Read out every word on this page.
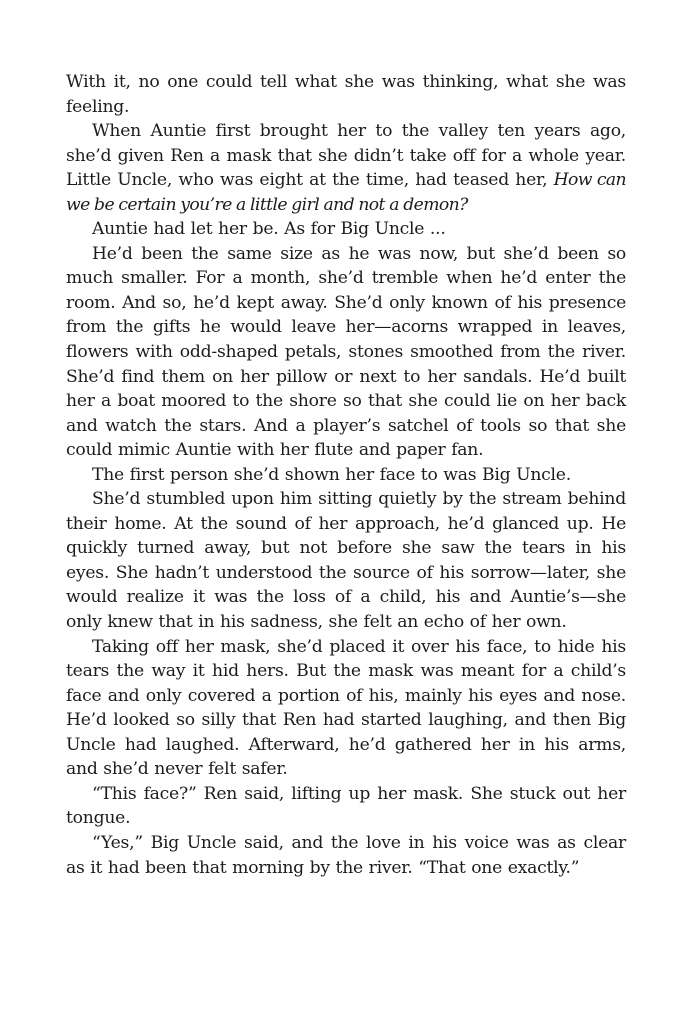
With it, no one could tell what she was thinking, what she was feeling.

When Auntie first brought her to the valley ten years ago, she’d given Ren a mask that she didn’t take off for a whole year. Little Uncle, who was eight at the time, had teased her, How can we be certain you’re a little girl and not a demon?

Auntie had let her be. As for Big Uncle ...

He’d been the same size as he was now, but she’d been so much smaller. For a month, she’d tremble when he’d enter the room. And so, he’d kept away. She’d only known of his presence from the gifts he would leave her—acorns wrapped in leaves, flowers with odd-shaped petals, stones smoothed from the river. She’d find them on her pillow or next to her sandals. He’d built her a boat moored to the shore so that she could lie on her back and watch the stars. And a player’s satchel of tools so that she could mimic Auntie with her flute and paper fan.

The first person she’d shown her face to was Big Uncle.

She’d stumbled upon him sitting quietly by the stream behind their home. At the sound of her approach, he’d glanced up. He quickly turned away, but not before she saw the tears in his eyes. She hadn’t understood the source of his sorrow—later, she would realize it was the loss of a child, his and Auntie’s—she only knew that in his sadness, she felt an echo of her own.

Taking off her mask, she’d placed it over his face, to hide his tears the way it hid hers. But the mask was meant for a child’s face and only covered a portion of his, mainly his eyes and nose. He’d looked so silly that Ren had started laughing, and then Big Uncle had laughed. Afterward, he’d gathered her in his arms, and she’d never felt safer.

“This face?” Ren said, lifting up her mask. She stuck out her tongue.

“Yes,” Big Uncle said, and the love in his voice was as clear as it had been that morning by the river. “That one exactly.”
